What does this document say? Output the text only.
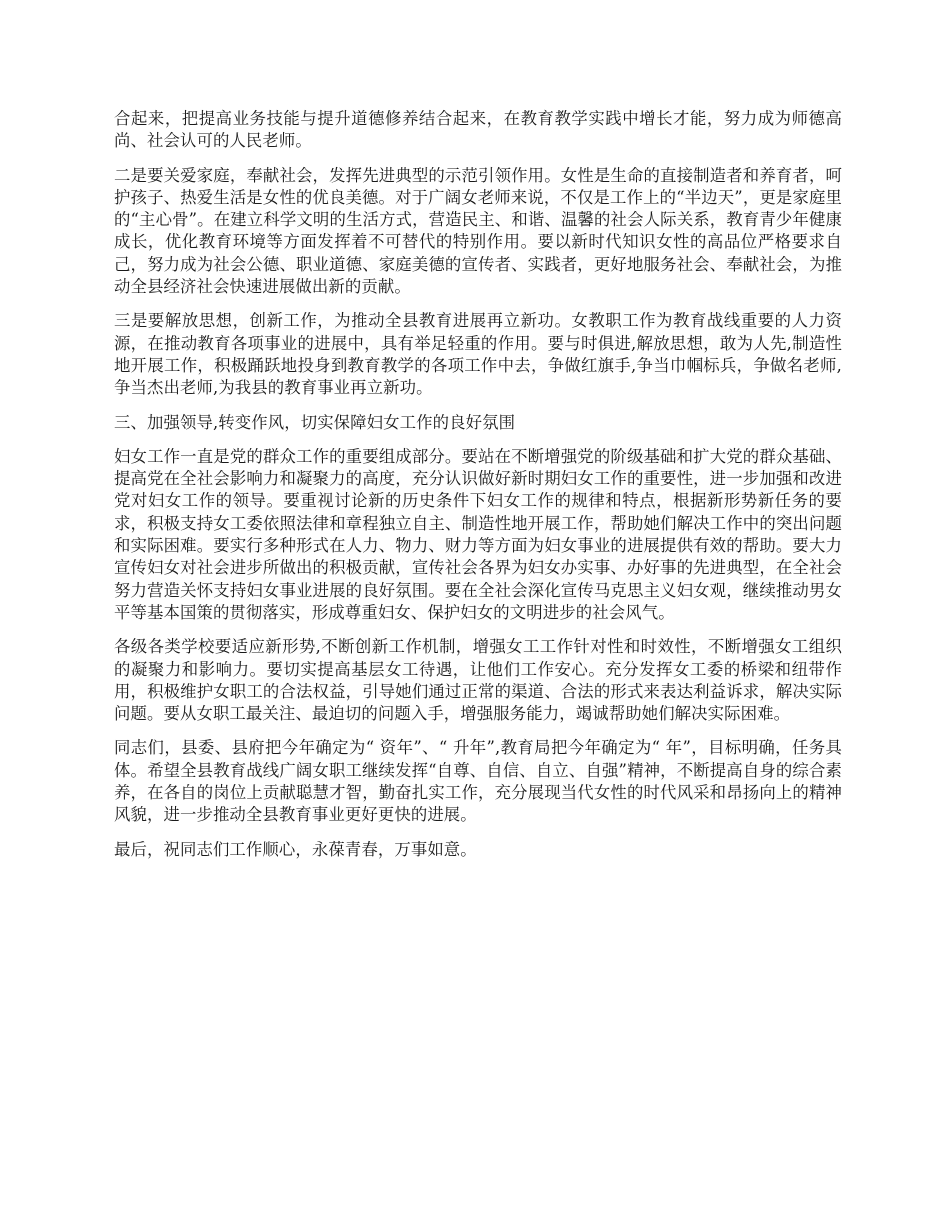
合起来，把提高业务技能与提升道德修养结合起来，在教育教学实践中增长才能，努力成为师德高尚、社会认可的人民老师。

二是要关爱家庭，奉献社会，发挥先进典型的示范引领作用。女性是生命的直接制造者和养育者，呵护孩子、热爱生活是女性的优良美德。对于广阔女老师来说，不仅是工作上的“半边天”，更是家庭里的“主心骨”。在建立科学文明的生活方式，营造民主、和谐、温馨的社会人际关系，教育青少年健康成长，优化教育环境等方面发挥着不可替代的特别作用。要以新时代知识女性的高品位严格要求自己，努力成为社会公德、职业道德、家庭美德的宣传者、实践者，更好地服务社会、奉献社会，为推动全县经济社会快速进展做出新的贡献。

三是要解放思想，创新工作，为推动全县教育进展再立新功。女教职工作为教育战线重要的人力资源，在推动教育各项事业的进展中，具有举足轻重的作用。要与时俱进,解放思想，敢为人先,制造性地开展工作，积极踊跃地投身到教育教学的各项工作中去，争做红旗手,争当巾帼标兵，争做名老师, 争当杰出老师,为我县的教育事业再立新功。

三、加强领导,转变作风，切实保障妇女工作的良好氛围

妇女工作一直是党的群众工作的重要组成部分。要站在不断增强党的阶级基础和扩大党的群众基础、提高党在全社会影响力和凝聚力的高度，充分认识做好新时期妇女工作的重要性，进一步加强和改进党对妇女工作的领导。要重视讨论新的历史条件下妇女工作的规律和特点，根据新形势新任务的要求，积极支持女工委依照法律和章程独立自主、制造性地开展工作，帮助她们解决工作中的突出问题和实际困难。要实行多种形式在人力、物力、财力等方面为妇女事业的进展提供有效的帮助。要大力宣传妇女对社会进步所做出的积极贡献，宣传社会各界为妇女办实事、办好事的先进典型，在全社会努力营造关怀支持妇女事业进展的良好氛围。要在全社会深化宣传马克思主义妇女观，继续推动男女平等基本国策的贯彻落实，形成尊重妇女、保护妇女的文明进步的社会风气。

各级各类学校要适应新形势,不断创新工作机制，增强女工工作针对性和时效性，不断增强女工组织的凝聚力和影响力。要切实提高基层女工待遇，让他们工作安心。充分发挥女工委的桥梁和纽带作用，积极维护女职工的合法权益，引导她们通过正常的渠道、合法的形式来表达利益诉求，解决实际问题。要从女职工最关注、最迫切的问题入手，增强服务能力，竭诚帮助她们解决实际困难。

同志们，县委、县府把今年确定为“ 资年”、“ 升年”,教育局把今年确定为“ 年”，目标明确，任务具体。希望全县教育战线广阔女职工继续发挥“自尊、自信、自立、自强”精神，不断提高自身的综合素养，在各自的岗位上贡献聪慧才智，勤奋扎实工作，充分展现当代女性的时代风采和昂扬向上的精神风貌，进一步推动全县教育事业更好更快的进展。

最后，祝同志们工作顺心，永葆青春，万事如意。
